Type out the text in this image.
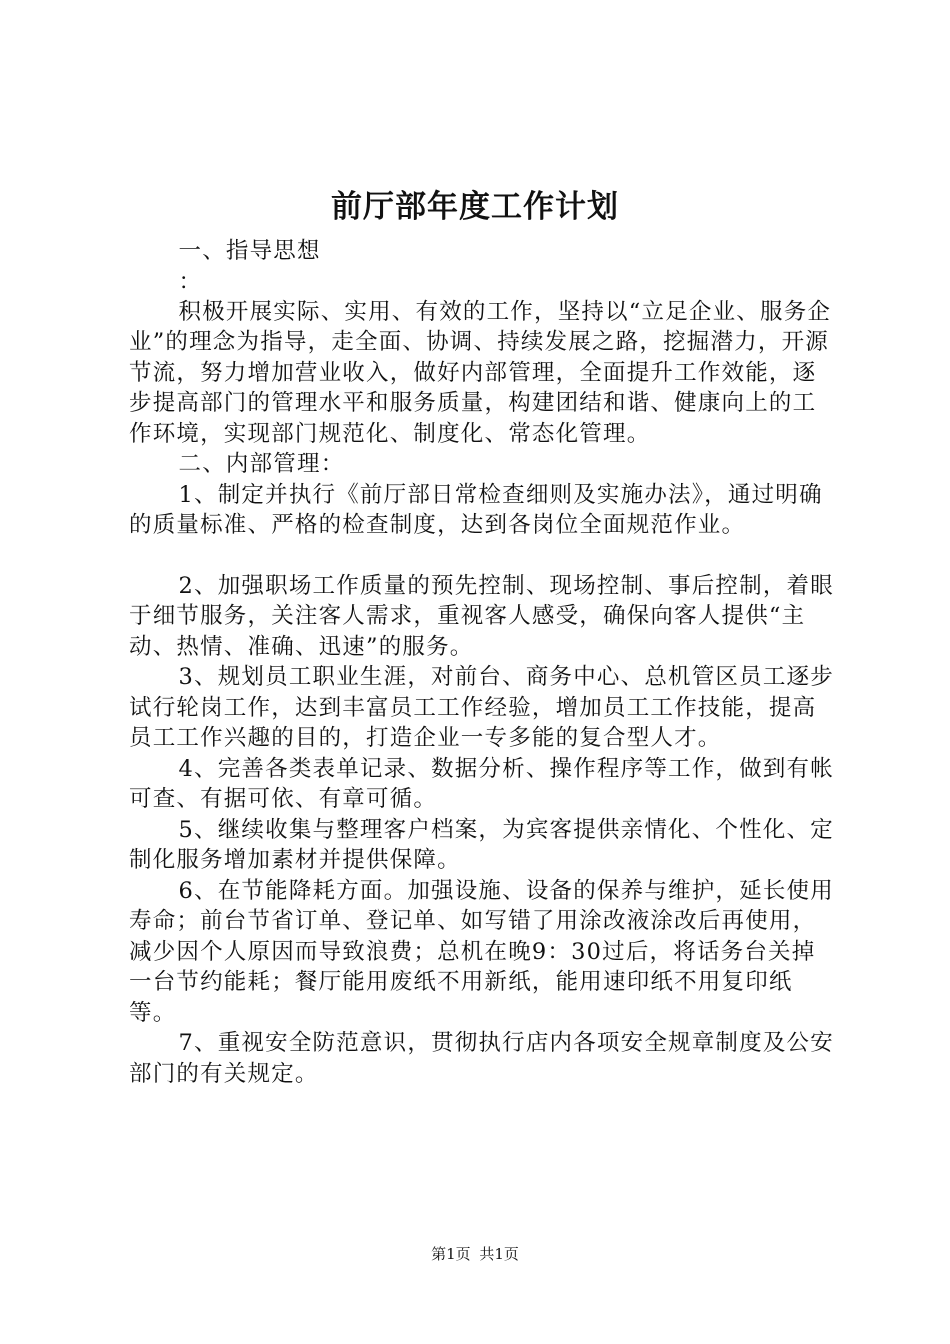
前厅部年度工作计划

一、指导思想

：

积极开展实际、实用、有效的工作，坚持以“立足企业、服务企业”的理念为指导，走全面、协调、持续发展之路，挖掘潜力，开源节流，努力增加营业收入，做好内部管理，全面提升工作效能，逐步提高部门的管理水平和服务质量，构建团结和谐、健康向上的工作环境，实现部门规范化、制度化、常态化管理。

二、内部管理：

1、制定并执行《前厅部日常检查细则及实施办法》，通过明确的质量标准、严格的检查制度，达到各岗位全面规范作业。

2、加强职场工作质量的预先控制、现场控制、事后控制，着眼于细节服务，关注客人需求，重视客人感受，确保向客人提供“主动、热情、准确、迅速”的服务。

3、规划员工职业生涯，对前台、商务中心、总机管区员工逐步试行轮岗工作，达到丰富员工工作经验，增加员工工作技能，提高员工工作兴趣的目的，打造企业一专多能的复合型人才。

4、完善各类表单记录、数据分析、操作程序等工作，做到有帐可查、有据可依、有章可循。

5、继续收集与整理客户档案，为宾客提供亲情化、个性化、定制化服务增加素材并提供保障。

6、在节能降耗方面。加强设施、设备的保养与维护，延长使用寿命；前台节省订单、登记单、如写错了用涂改液涂改后再使用，减少因个人原因而导致浪费；总机在晚9：30过后，将话务台关掉一台节约能耗；餐厅能用废纸不用新纸，能用速印纸不用复印纸等。

7、重视安全防范意识，贯彻执行店内各项安全规章制度及公安部门的有关规定。

第1页 共1页
